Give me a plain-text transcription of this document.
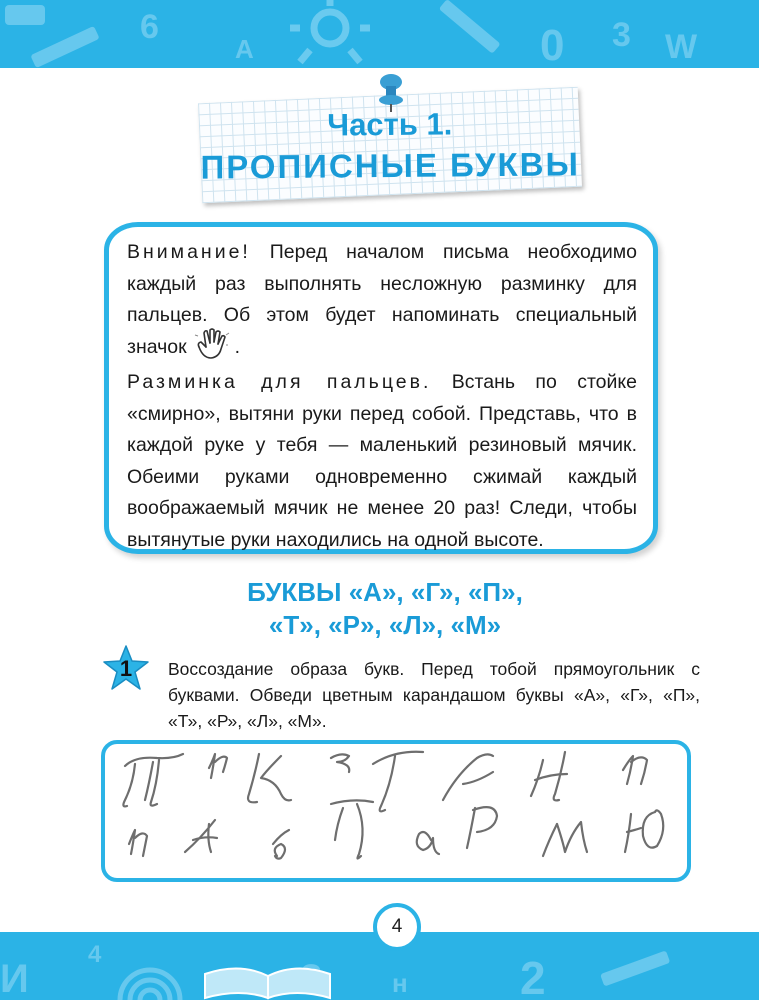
6
A	0 3 W
Часть 1.
ПРОПИСНЫЕ БУКВЫ

Внимание! Перед началом письма необходимо каждый раз выполнять несложную разминку для пальцев. Об этом будет напоминать специальный значок .

Разминка для пальцев. Встань по стойке «смирно», вытяни руки перед собой. Представь, что в каждой руке у тебя — маленький резиновый мячик. Обеими руками одновременно сжимай каждый воображаемый мячик не менее 20 раз! Следи, чтобы вытянутые руки находились на одной высоте.

БУКВЫ «А», «Г», «П»,
«Т», «Р», «Л», «М»
1	Воссоздание образа букв. Перед тобой прямоугольник с буквами. Обведи цветным карандашом буквы «А», «Г», «П», «Т», «Р», «Л», «М».

И
4
н 2
4
